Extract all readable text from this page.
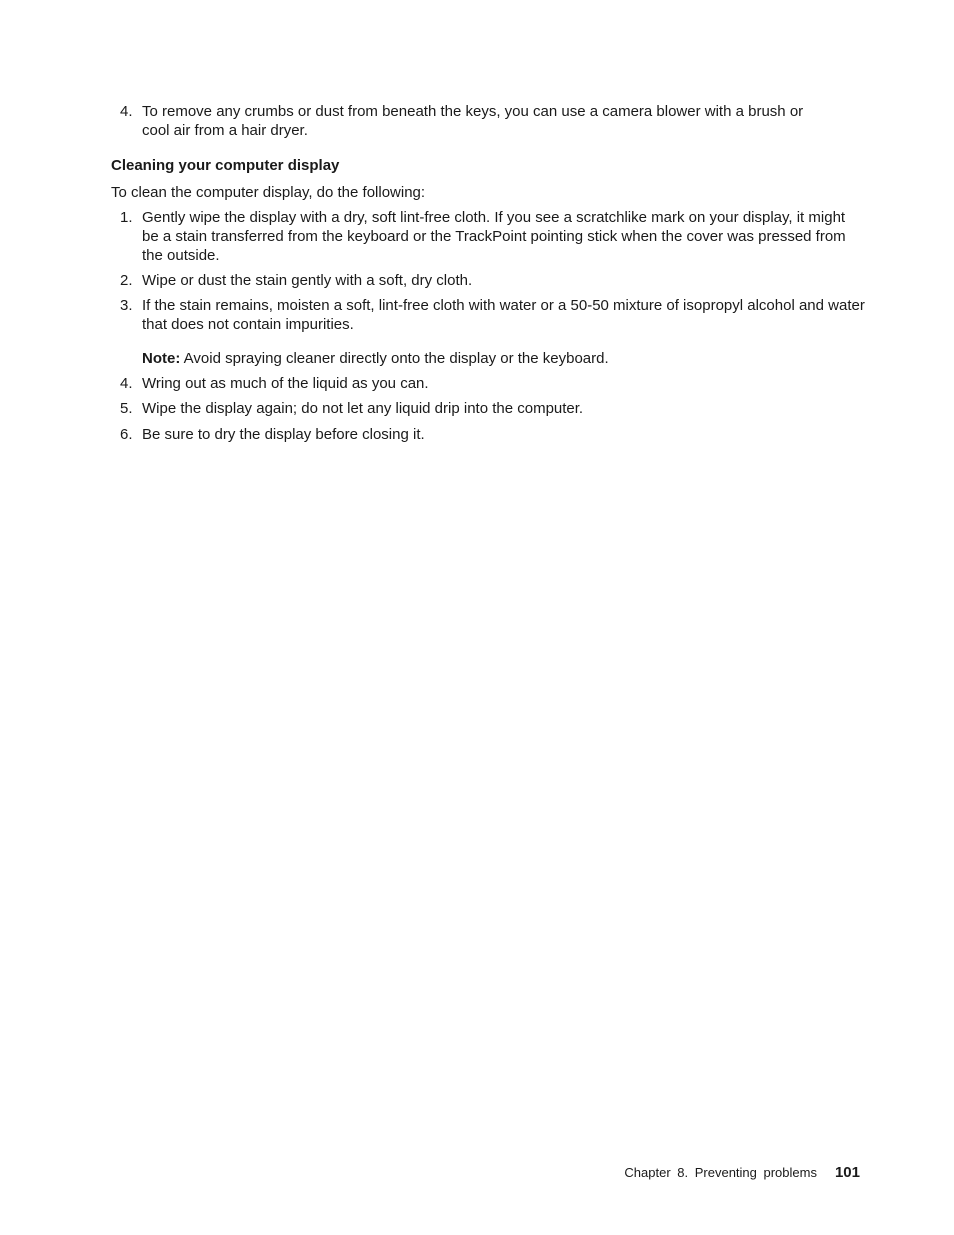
4. To remove any crumbs or dust from beneath the keys, you can use a camera blower with a brush or cool air from a hair dryer.
Cleaning your computer display
To clean the computer display, do the following:
1. Gently wipe the display with a dry, soft lint-free cloth. If you see a scratchlike mark on your display, it might be a stain transferred from the keyboard or the TrackPoint pointing stick when the cover was pressed from the outside.
2. Wipe or dust the stain gently with a soft, dry cloth.
3. If the stain remains, moisten a soft, lint-free cloth with water or a 50-50 mixture of isopropyl alcohol and water that does not contain impurities.
Note: Avoid spraying cleaner directly onto the display or the keyboard.
4. Wring out as much of the liquid as you can.
5. Wipe the display again; do not let any liquid drip into the computer.
6. Be sure to dry the display before closing it.
Chapter 8. Preventing problems 101
